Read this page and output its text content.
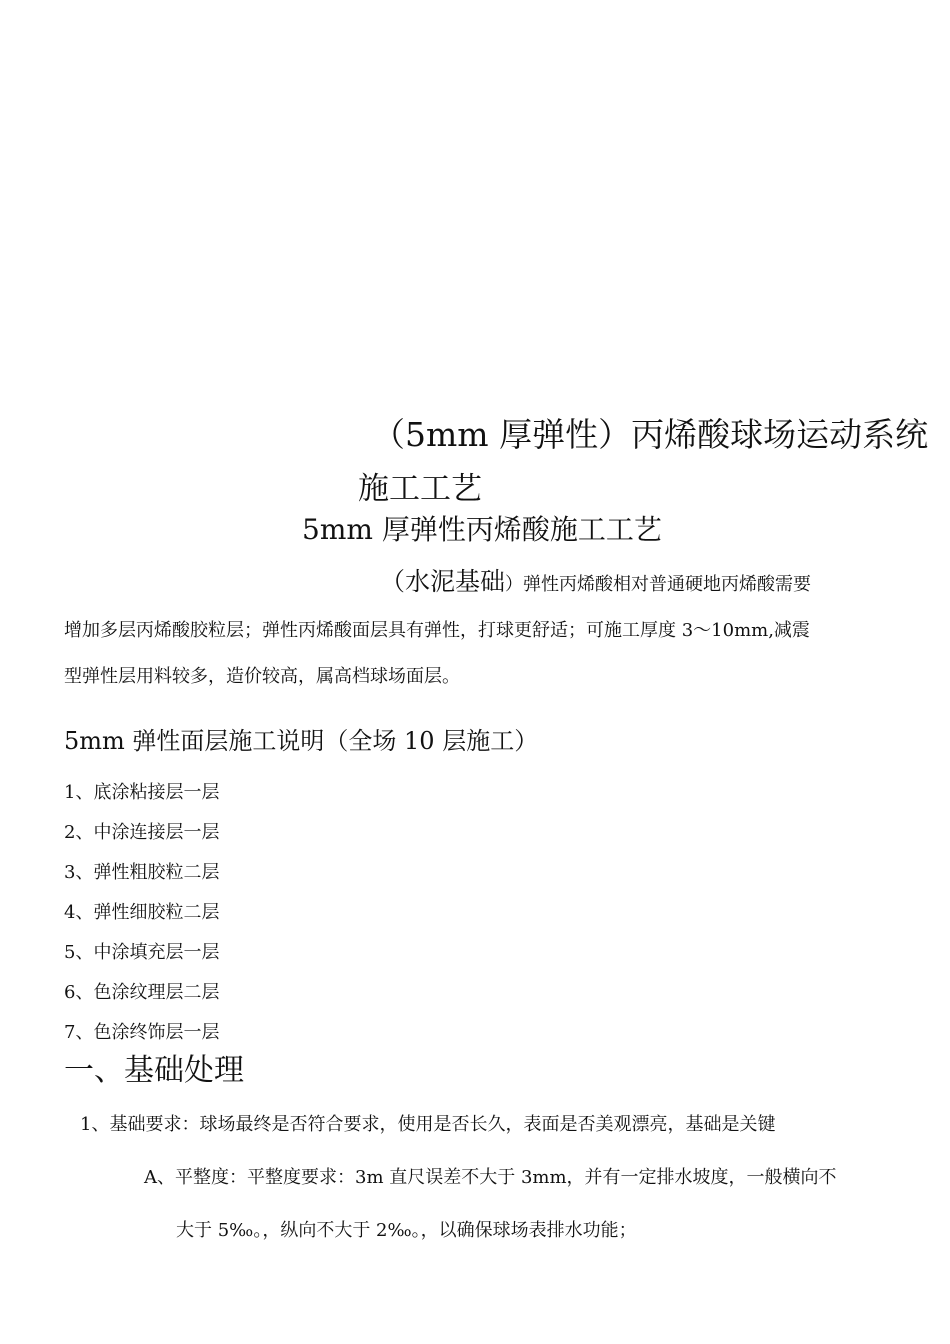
（5mm 厚弹性）丙烯酸球场运动系统
施工工艺
5mm 厚弹性丙烯酸施工工艺
（水泥基础）弹性丙烯酸相对普通硬地丙烯酸需要
增加多层丙烯酸胶粒层；弹性丙烯酸面层具有弹性，打球更舒适；可施工厚度 3～10mm,减震
型弹性层用料较多，造价较高，属高档球场面层。
5mm 弹性面层施工说明（全场 10 层施工）
1、底涂粘接层一层
2、中涂连接层一层
3、弹性粗胶粒二层
4、弹性细胶粒二层
5、中涂填充层一层
6、色涂纹理层二层
7、色涂终饰层一层
一、基础处理
1、基础要求：球场最终是否符合要求，使用是否长久，表面是否美观漂亮，基础是关键
A、平整度：平整度要求：3m 直尺误差不大于 3mm，并有一定排水坡度，一般横向不
大于 5‰。，纵向不大于 2‰。，以确保球场表排水功能；
